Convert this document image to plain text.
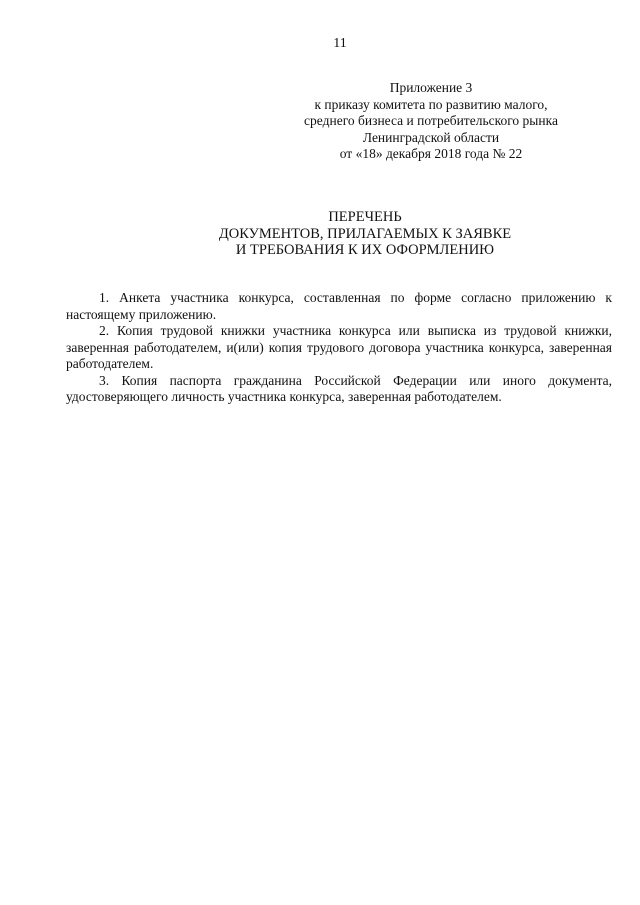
11
Приложение 3
к приказу комитета по развитию малого,
среднего бизнеса и потребительского рынка
Ленинградской области
от «18» декабря 2018 года № 22
ПЕРЕЧЕНЬ
ДОКУМЕНТОВ, ПРИЛАГАЕМЫХ К ЗАЯВКЕ
И ТРЕБОВАНИЯ К ИХ ОФОРМЛЕНИЮ

1. Анкета участника конкурса, составленная по форме согласно приложению к настоящему приложению.

2. Копия трудовой книжки участника конкурса или выписка из трудовой книжки, заверенная работодателем, и(или) копия трудового договора участника конкурса, заверенная работодателем.

3. Копия паспорта гражданина Российской Федерации или иного документа, удостоверяющего личность участника конкурса, заверенная работодателем.
